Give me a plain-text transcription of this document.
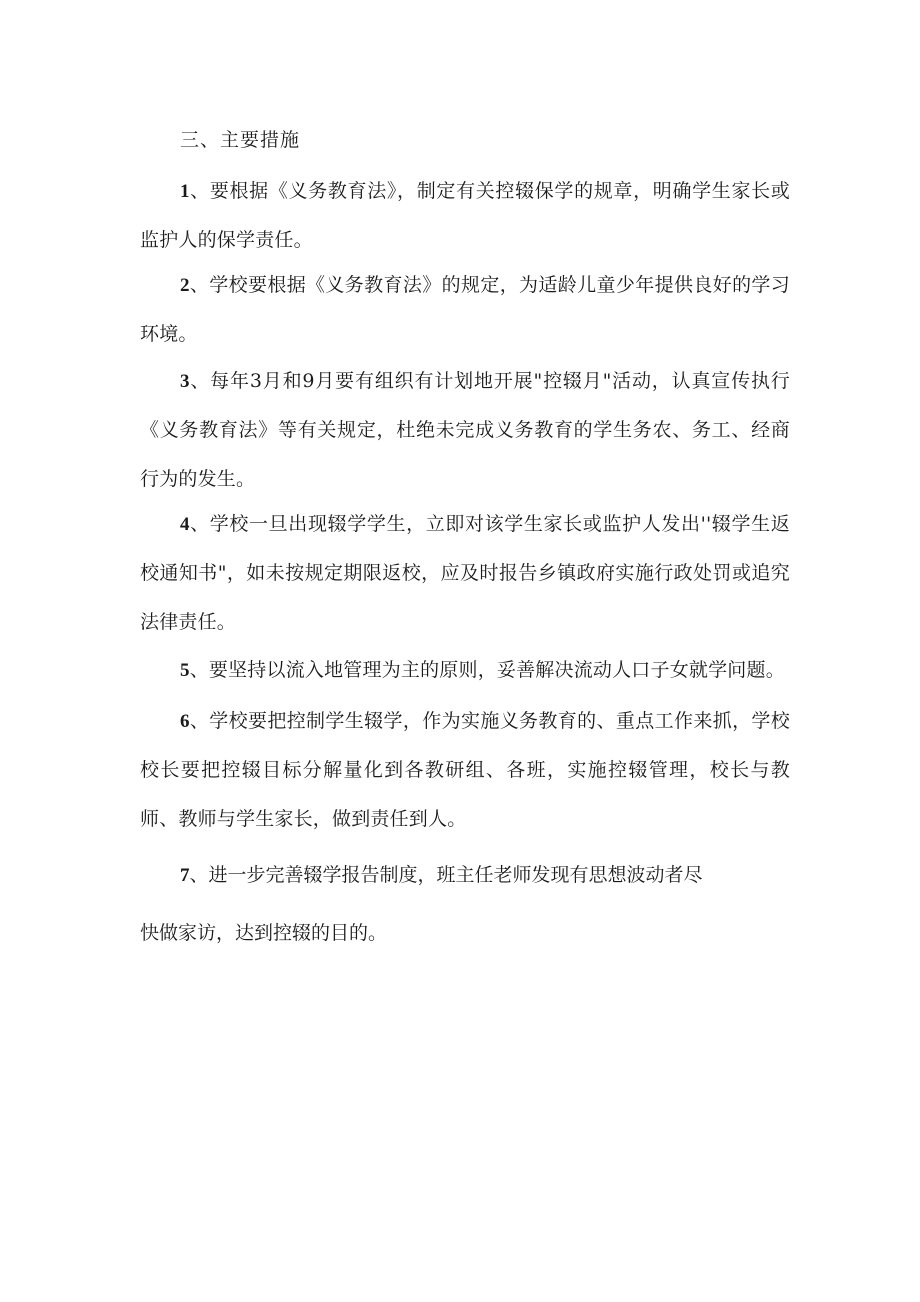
三、主要措施

1、要根据《义务教育法》，制定有关控辍保学的规章，明确学生家长或监护人的保学责任。

2、学校要根据《义务教育法》的规定，为适龄儿童少年提供良好的学习环境。

3、每年3月和9月要有组织有计划地开展"控辍月"活动，认真宣传执行《义务教育法》等有关规定，杜绝未完成义务教育的学生务农、务工、经商行为的发生。

4、学校一旦出现辍学学生，立即对该学生家长或监护人发出''辍学生返校通知书"，如未按规定期限返校，应及时报告乡镇政府实施行政处罚或追究法律责任。

5、要坚持以流入地管理为主的原则，妥善解决流动人口子女就学问题。

6、学校要把控制学生辍学，作为实施义务教育的、重点工作来抓，学校校长要把控辍目标分解量化到各教研组、各班，实施控辍管理，校长与教师、教师与学生家长，做到责任到人。

7、进一步完善辍学报告制度，班主任老师发现有思想波动者尽
快做家访，达到控辍的目的。
